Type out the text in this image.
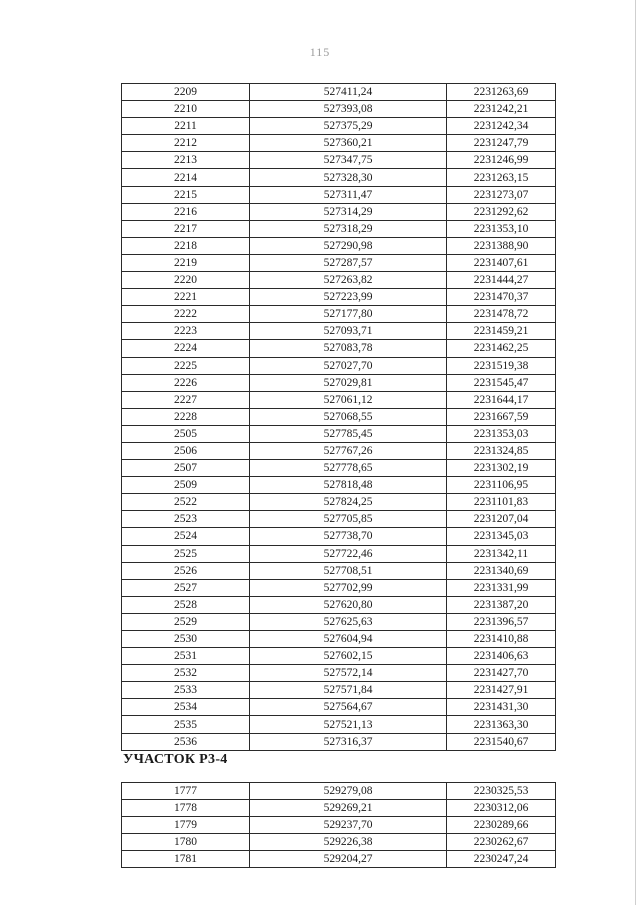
115
2209	527411,24	2231263,69
2210	527393,08	2231242,21
2211	527375,29	2231242,34
2212	527360,21	2231247,79
2213	527347,75	2231246,99
2214	527328,30	2231263,15
2215	527311,47	2231273,07
2216	527314,29	2231292,62
2217	527318,29	2231353,10
2218	527290,98	2231388,90
2219	527287,57	2231407,61
2220	527263,82	2231444,27
2221	527223,99	2231470,37
2222	527177,80	2231478,72
2223	527093,71	2231459,21
2224	527083,78	2231462,25
2225	527027,70	2231519,38
2226	527029,81	2231545,47
2227	527061,12	2231644,17
2228	527068,55	2231667,59
2505	527785,45	2231353,03
2506	527767,26	2231324,85
2507	527778,65	2231302,19
2509	527818,48	2231106,95
2522	527824,25	2231101,83
2523	527705,85	2231207,04
2524	527738,70	2231345,03
2525	527722,46	2231342,11
2526	527708,51	2231340,69
2527	527702,99	2231331,99
2528	527620,80	2231387,20
2529	527625,63	2231396,57
2530	527604,94	2231410,88
2531	527602,15	2231406,63
2532	527572,14	2231427,70
2533	527571,84	2231427,91
2534	527564,67	2231431,30
2535	527521,13	2231363,30
2536	527316,37	2231540,67
УЧАСТОК Р3-4
1777	529279,08	2230325,53
1778	529269,21	2230312,06
1779	529237,70	2230289,66
1780	529226,38	2230262,67
1781	529204,27	2230247,24
